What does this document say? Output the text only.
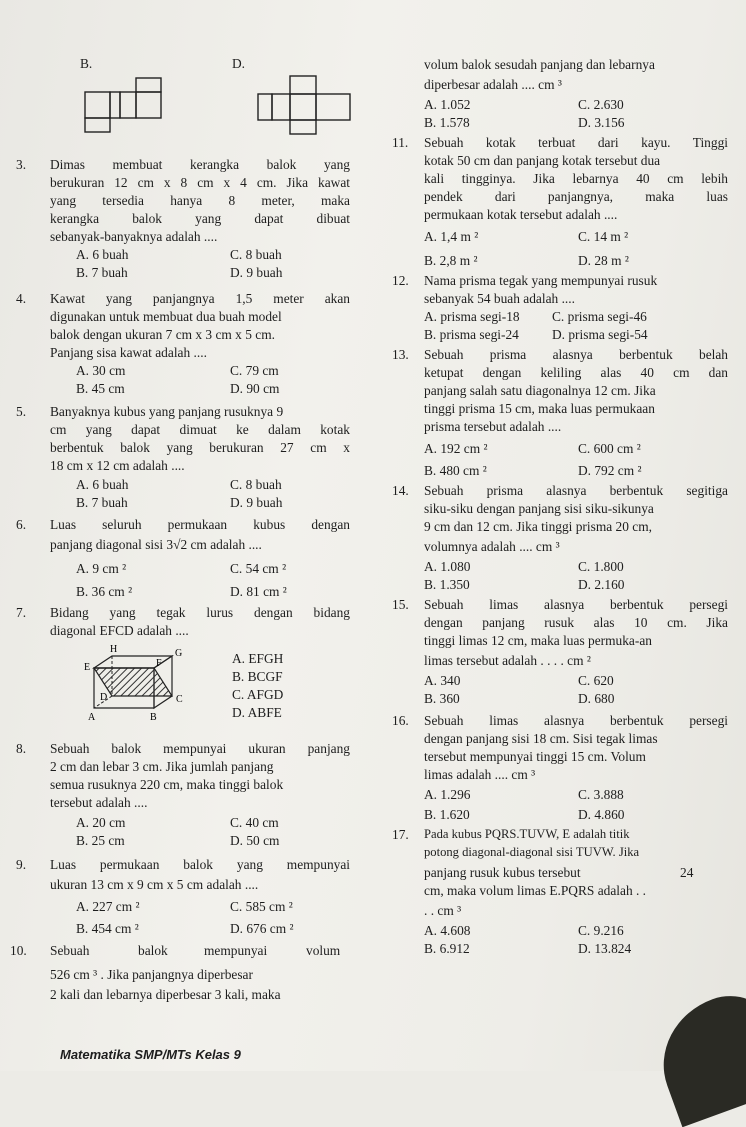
B.	D.
3. Dimas membuat kerangka balok yang
berukuran 12 cm x 8 cm x 4 cm. Jika kawat
yang tersedia hanya 8 meter, maka
kerangka balok yang dapat dibuat
sebanyak-banyaknya adalah ....
A. 6 buah	C. 8 buah
B. 7 buah	D. 9 buah
4. Kawat yang panjangnya 1,5 meter akan
digunakan untuk membuat dua buah model
balok dengan ukuran 7 cm x 3 cm x 5 cm.
Panjang sisa kawat adalah ....
A. 30 cm	C. 79 cm
B. 45 cm	D. 90 cm
5. Banyaknya kubus yang panjang rusuknya 9
cm yang dapat dimuat ke dalam kotak
berbentuk balok yang berukuran 27 cm x
18 cm x 12 cm adalah ....
A. 6 buah	C. 8 buah
B. 7 buah	D. 9 buah
6. Luas seluruh permukaan kubus dengan
panjang diagonal sisi 3√2 cm adalah ....
A. 9 cm ²	C. 54 cm ²
B. 36 cm ²	D. 81 cm ²
7. Bidang yang tegak lurus dengan bidang
diagonal EFCD adalah ....
H	G
E	F
D	C
A	B
A. EFGH
B. BCGF
C. AFGD
D. ABFE
8. Sebuah balok mempunyai ukuran panjang
2 cm dan lebar 3 cm. Jika jumlah panjang
semua rusuknya 220 cm, maka tinggi balok
tersebut adalah ....
A. 20 cm	C. 40 cm
B. 25 cm	D. 50 cm
9. Luas permukaan balok yang mempunyai
ukuran 13 cm x 9 cm x 5 cm adalah ....
A. 227 cm ²	C. 585 cm ²
B. 454 cm ²	D. 676 cm ²
10. Sebuah	balok	mempunyai	volum
526 cm ³ . Jika panjangnya diperbesar
2 kali dan lebarnya diperbesar 3 kali, maka
volum balok sesudah panjang dan lebarnya
diperbesar adalah .... cm ³
A. 1.052	C. 2.630
B. 1.578	D. 3.156
11. Sebuah kotak terbuat dari kayu. Tinggi
kotak 50 cm dan panjang kotak tersebut dua
kali tingginya. Jika lebarnya 40 cm lebih
pendek dari panjangnya, maka luas
permukaan kotak tersebut adalah ....
A. 1,4 m ²	C. 14 m ²
B. 2,8 m ²	D. 28 m ²
12. Nama prisma tegak yang mempunyai rusuk
sebanyak 54 buah adalah ....
A. prisma segi-18 C. prisma segi-46
B. prisma segi-24 D. prisma segi-54
13. Sebuah prisma alasnya berbentuk belah
ketupat dengan keliling alas 40 cm dan
panjang salah satu diagonalnya 12 cm. Jika
tinggi prisma 15 cm, maka luas permukaan
prisma tersebut adalah ....
A. 192 cm ²	C. 600 cm ²
B. 480 cm ²	D. 792 cm ²
14. Sebuah prisma alasnya berbentuk segitiga
siku-siku dengan panjang sisi siku-sikunya
9 cm dan 12 cm. Jika tinggi prisma 20 cm,
volumnya adalah .... cm ³
A. 1.080	C. 1.800
B. 1.350	D. 2.160
15. Sebuah limas alasnya berbentuk persegi
dengan panjang rusuk alas 10 cm. Jika
tinggi limas 12 cm, maka luas permuka-an
limas tersebut adalah . . . . cm ²
A. 340	C. 620
B. 360	D. 680
16. Sebuah limas alasnya berbentuk persegi
dengan panjang sisi 18 cm. Sisi tegak limas
tersebut mempunyai tinggi 15 cm. Volum
limas adalah .... cm ³
A. 1.296	C. 3.888
B. 1.620	D. 4.860
17. Pada kubus PQRS.TUVW, E adalah titik
potong diagonal-diagonal sisi TUVW. Jika
panjang rusuk kubus tersebut	24
cm, maka volum limas E.PQRS adalah . .
. . cm ³
A. 4.608	C. 9.216
B. 6.912	D. 13.824
Matematika SMP/MTs Kelas 9
